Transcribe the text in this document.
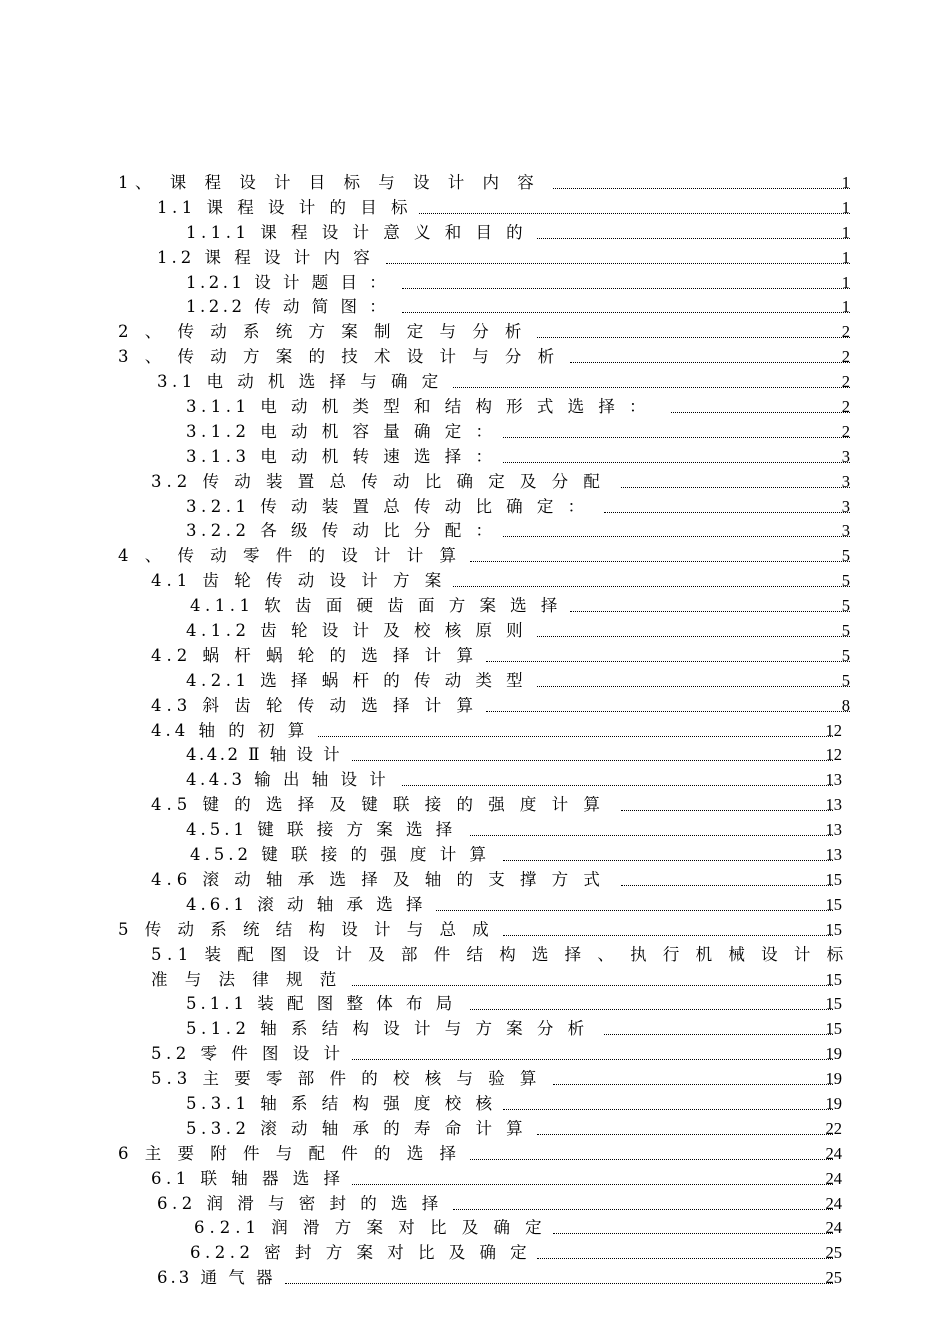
1、 课 程 设 计 目 标 与 设 计 内 容	1
1.1 课 程 设 计 的 目 标	1
1.1.1 课 程 设 计 意 义 和 目 的	1
1.2 课 程 设 计 内 容	1
1.2.1 设 计 题 目 ：	1
1.2.2 传 动 简 图 ：	1
2 、 传 动 系 统 方 案 制 定 与 分 析	2
3 、 传 动 方 案 的 技 术 设 计 与 分 析	2
3.1 电 动 机 选 择 与 确 定	2
3.1.1 电 动 机 类 型 和 结 构 形 式 选 择 ：	2
3.1.2 电 动 机 容 量 确 定 ：	2
3.1.3 电 动 机 转 速 选 择 ：	3
3.2 传 动 装 置 总 传 动 比 确 定 及 分 配	3
3.2.1 传 动 装 置 总 传 动 比 确 定 ：	3
3.2.2 各 级 传 动 比 分 配 ：	3
4 、 传 动 零 件 的 设 计 计 算	5
4.1 齿 轮 传 动 设 计 方 案	5
4.1.1 软 齿 面 硬 齿 面 方 案 选 择	5
4.1.2 齿 轮 设 计 及 校 核 原 则	5
4.2 蜗 杆 蜗 轮 的 选 择 计 算	5
4.2.1 选 择 蜗 杆 的 传 动 类 型	5
4.3 斜 齿 轮 传 动 选 择 计 算	8
4.4 轴 的 初 算	12
4.4.2 Ⅱ 轴 设 计	12
4.4.3 输 出 轴 设 计	13
4.5 键 的 选 择 及 键 联 接 的 强 度 计 算	13
4.5.1 键 联 接 方 案 选 择	13
4.5.2 键 联 接 的 强 度 计 算	13
4.6 滚 动 轴 承 选 择 及 轴 的 支 撑 方 式	15
4.6.1 滚 动 轴 承 选 择	15
5 传 动 系 统 结 构 设 计 与 总 成	15
5.1 装 配 图 设 计 及 部 件 结 构 选 择 、 执 行 机 械 设 计 标
准 与 法 律 规 范	15
5.1.1 装 配 图 整 体 布 局	15
5.1.2 轴 系 结 构 设 计 与 方 案 分 析	15
5.2 零 件 图 设 计	19
5.3 主 要 零 部 件 的 校 核 与 验 算	19
5.3.1 轴 系 结 构 强 度 校 核	19
5.3.2 滚 动 轴 承 的 寿 命 计 算	22
6 主 要 附 件 与 配 件 的 选 择	24
6.1 联 轴 器 选 择	24
6.2 润 滑 与 密 封 的 选 择	24
6.2.1 润 滑 方 案 对 比 及 确 定	24
6.2.2 密 封 方 案 对 比 及 确 定	25
6.3 通 气 器	25
